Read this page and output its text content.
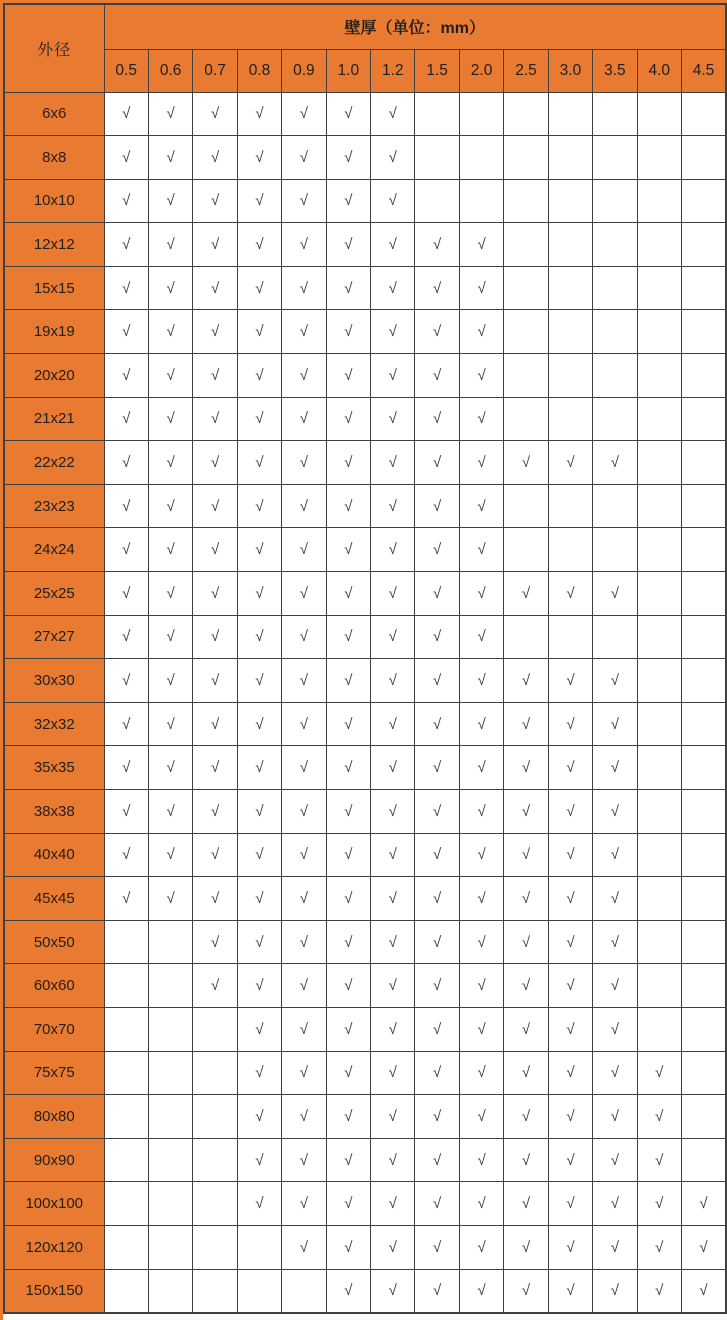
外径	壁厚（单位：mm）													
	0.5	0.6	0.7	0.8	0.9	1.0	1.2	1.5	2.0	2.5	3.0	3.5	4.0	4.5
6x6	√	√	√	√	√	√	√							
8x8	√	√	√	√	√	√	√							
10x10	√	√	√	√	√	√	√							
12x12	√	√	√	√	√	√	√	√	√					
15x15	√	√	√	√	√	√	√	√	√					
19x19	√	√	√	√	√	√	√	√	√					
20x20	√	√	√	√	√	√	√	√	√					
21x21	√	√	√	√	√	√	√	√	√					
22x22	√	√	√	√	√	√	√	√	√	√	√	√		
23x23	√	√	√	√	√	√	√	√	√					
24x24	√	√	√	√	√	√	√	√	√					
25x25	√	√	√	√	√	√	√	√	√	√	√	√		
27x27	√	√	√	√	√	√	√	√	√					
30x30	√	√	√	√	√	√	√	√	√	√	√	√		
32x32	√	√	√	√	√	√	√	√	√	√	√	√		
35x35	√	√	√	√	√	√	√	√	√	√	√	√		
38x38	√	√	√	√	√	√	√	√	√	√	√	√		
40x40	√	√	√	√	√	√	√	√	√	√	√	√		
45x45	√	√	√	√	√	√	√	√	√	√	√	√		
50x50			√	√	√	√	√	√	√	√	√	√		
60x60			√	√	√	√	√	√	√	√	√	√		
70x70				√	√	√	√	√	√	√	√	√		
75x75				√	√	√	√	√	√	√	√	√	√	
80x80				√	√	√	√	√	√	√	√	√	√	
90x90				√	√	√	√	√	√	√	√	√	√	
100x100				√	√	√	√	√	√	√	√	√	√	√
120x120					√	√	√	√	√	√	√	√	√	√
150x150						√	√	√	√	√	√	√	√	√
